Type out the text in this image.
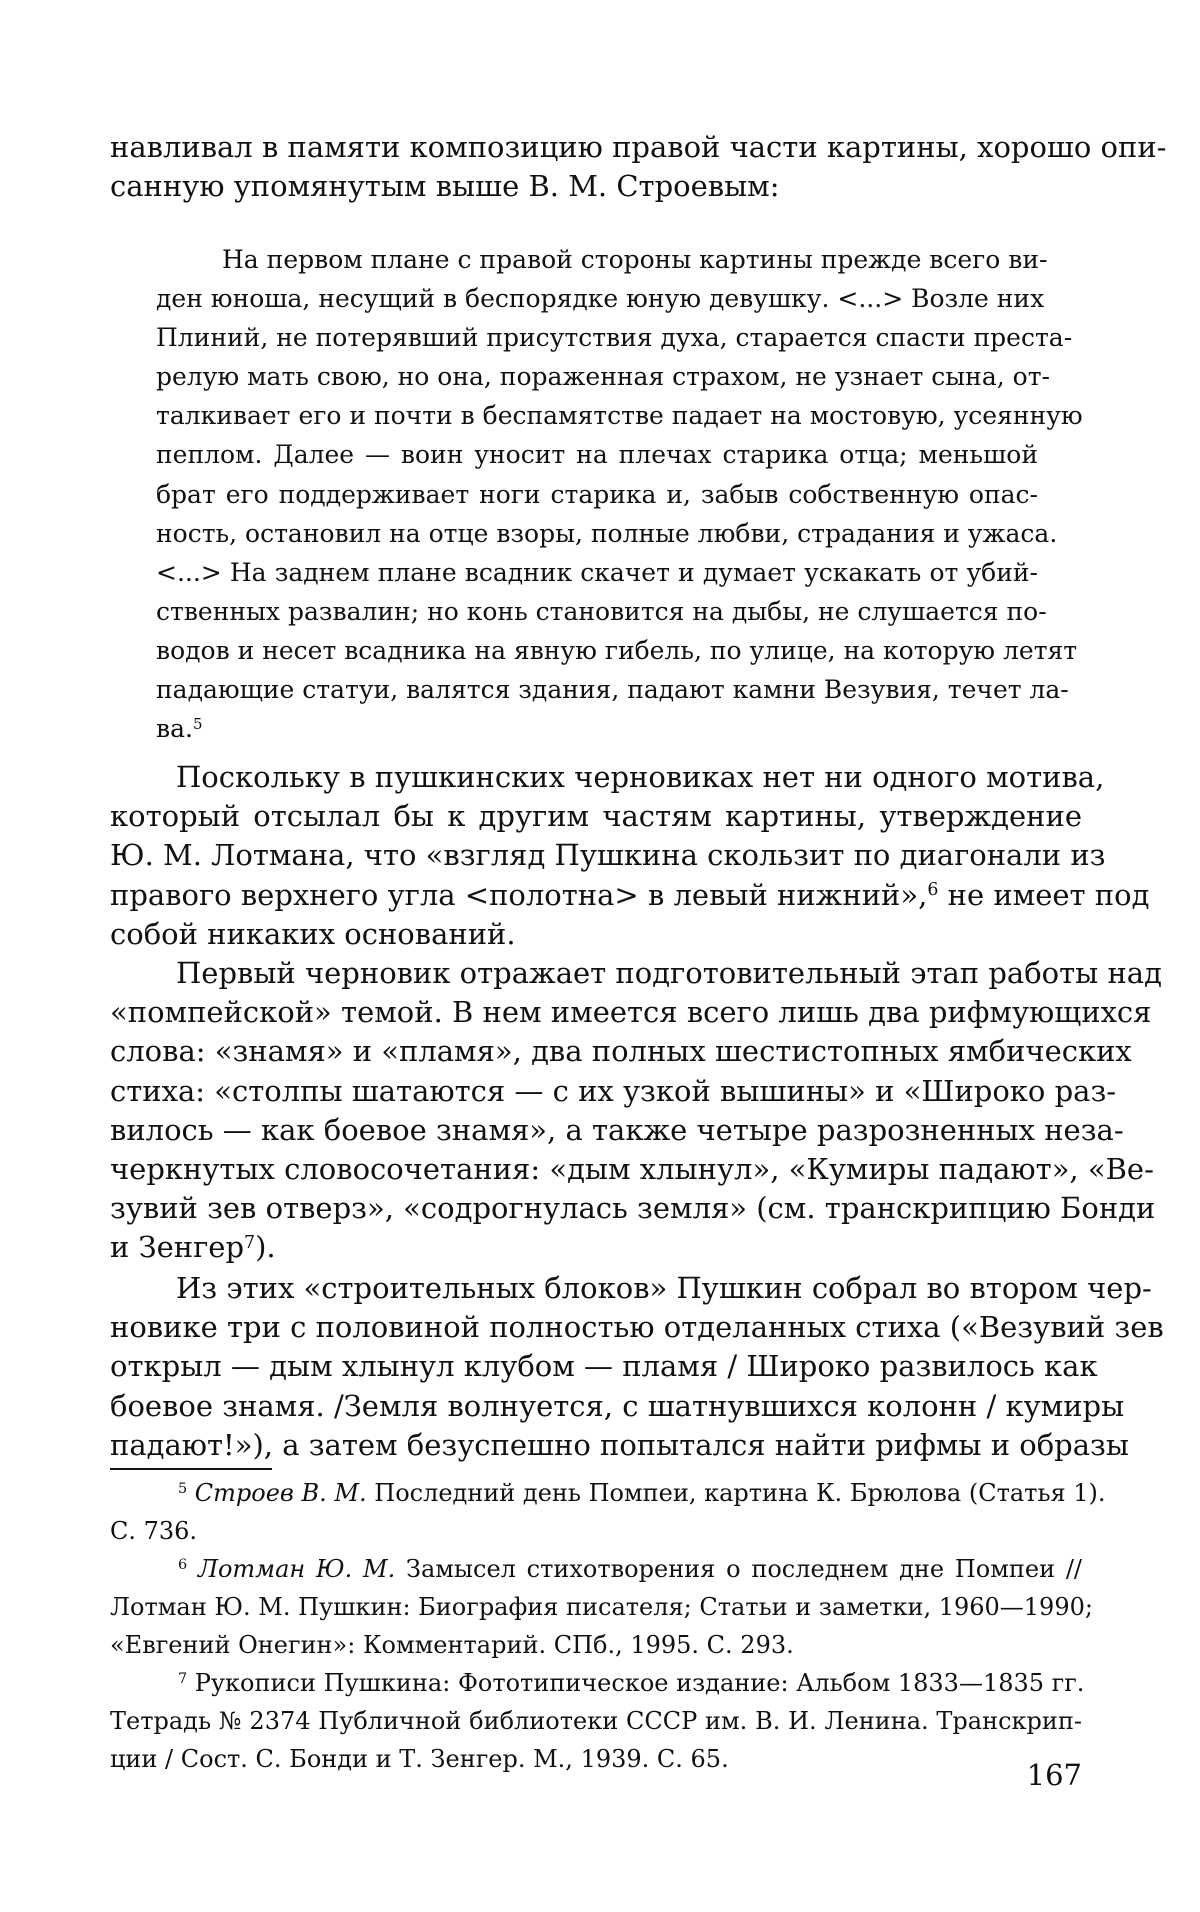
навливал в памяти композицию правой части картины, хорошо опи-
санную упомянутым выше В. М. Строевым:
На первом плане с правой стороны картины прежде всего ви-
ден юноша, несущий в беспорядке юную девушку. <...> Возле них
Плиний, не потерявший присутствия духа, старается спасти преста-
релую мать свою, но она, пораженная страхом, не узнает сына, от-
талкивает его и почти в беспамятстве падает на мостовую, усеянную
пеплом. Далее — воин уносит на плечах старика отца; меньшой
брат его поддерживает ноги старика и, забыв собственную опас-
ность, остановил на отце взоры, полные любви, страдания и ужаса.
<...> На заднем плане всадник скачет и думает ускакать от убий-
ственных развалин; но конь становится на дыбы, не слушается по-
водов и несет всадника на явную гибель, по улице, на которую летят
падающие статуи, валятся здания, падают камни Везувия, течет ла-
ва.$^5$
Поскольку в пушкинских черновиках нет ни одного мотива,
который отсылал бы к другим частям картины, утверждение
Ю. М. Лотмана, что «взгляд Пушкина скользит по диагонали из
правого верхнего угла <полотна> в левый нижний»,$^6$ не имеет под
собой никаких оснований.
Первый черновик отражает подготовительный этап работы над
«помпейской» темой. В нем имеется всего лишь два рифмующихся
слова: «знамя» и «пламя», два полных шестистопных ямбических
стиха: «столпы шатаются — с их узкой вышины» и «Широко раз-
вилось — как боевое знамя», а также четыре разрозненных неза-
черкнутых словосочетания: «дым хлынул», «Кумиры падают», «Ве-
зувий зев отверз», «содрогнулась земля» (см. транскрипцию Бонди
и Зенгер$^7$).
Из этих «строительных блоков» Пушкин собрал во втором чер-
новике три с половиной полностью отделанных стиха («Везувий зев
открыл — дым хлынул клубом — пламя / Широко развилось как
боевое знамя. /Земля волнуется, с шатнувшихся колонн / кумиры
падают!»), а затем безуспешно попытался найти рифмы и образы
$^5$ Строев В. М. Последний день Помпеи, картина К. Брюлова (Статья 1).
С. 736.
$^6$ Лотман Ю. М. Замысел стихотворения о последнем дне Помпеи //
Лотман Ю. М. Пушкин: Биография писателя; Статьи и заметки, 1960—1990;
«Евгений Онегин»: Комментарий. СПб., 1995. С. 293.
$^7$ Рукописи Пушкина: Фототипическое издание: Альбом 1833—1835 гг.
Тетрадь № 2374 Публичной библиотеки СССР им. В. И. Ленина. Транскрип-
ции / Сост. С. Бонди и Т. Зенгер. М., 1939. С. 65.	167
